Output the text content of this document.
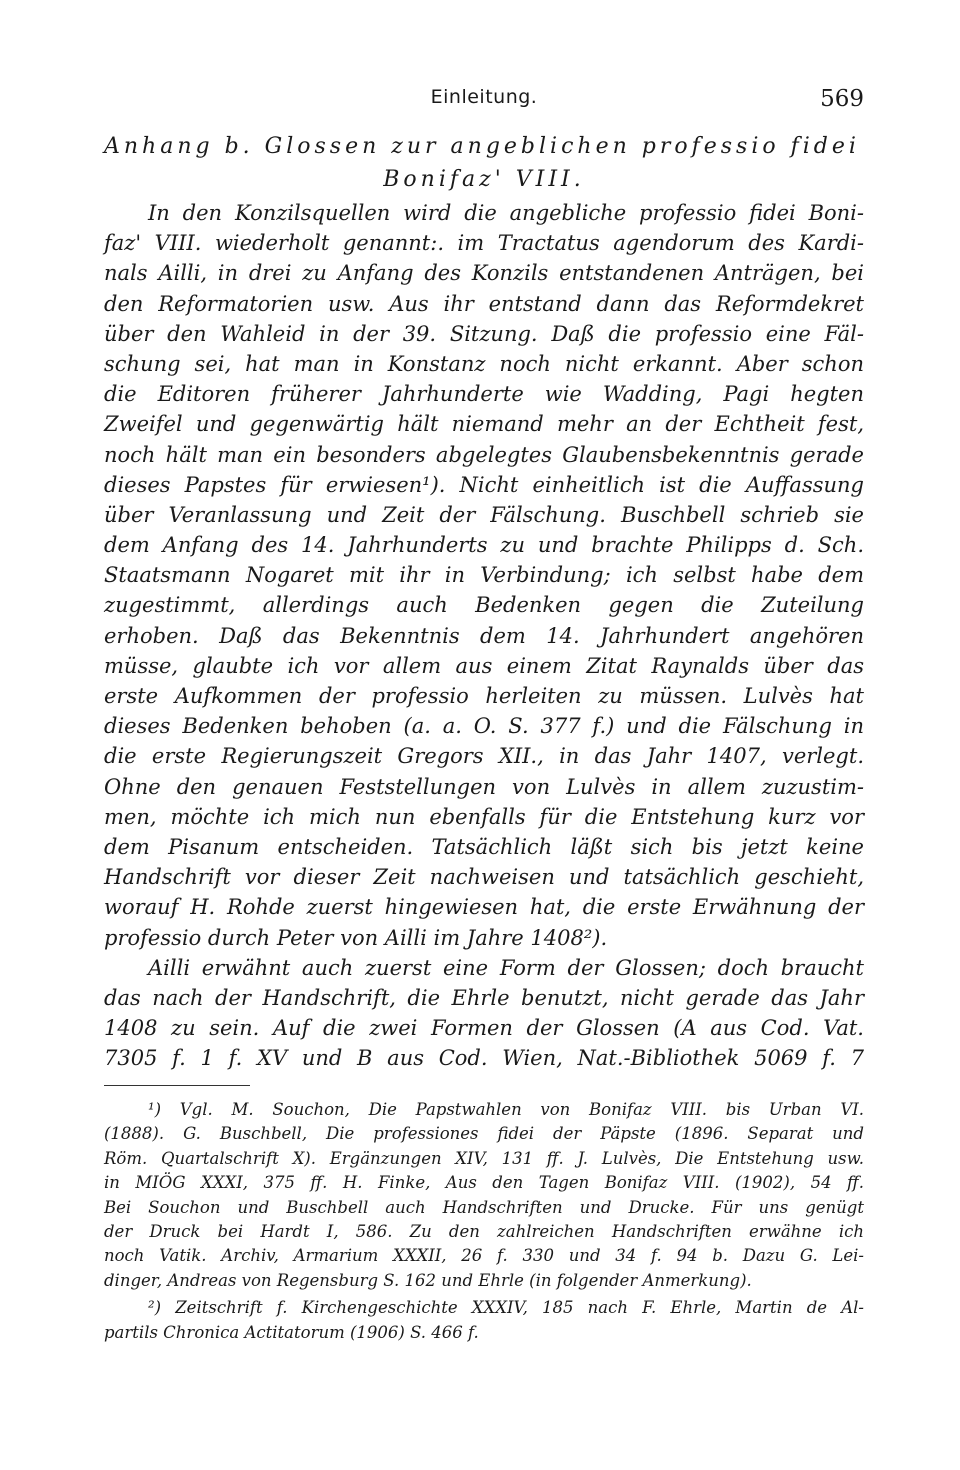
Einleitung.	569
Anhang b. Glossen zur angeblichen professio fidei
Bonifaz' VIII.
In den Konzilsquellen wird die angebliche professio fidei Boni-
faz' VIII. wiederholt genannt:. im Tractatus agendorum des Kardi-
nals Ailli, in drei zu Anfang des Konzils entstandenen Anträgen, bei
den Reformatorien usw. Aus ihr entstand dann das Reformdekret
über den Wahleid in der 39. Sitzung. Daß die professio eine Fäl-
schung sei, hat man in Konstanz noch nicht erkannt. Aber schon
die Editoren früherer Jahrhunderte wie Wadding, Pagi hegten
Zweifel und gegenwärtig hält niemand mehr an der Echtheit fest,
noch hält man ein besonders abgelegtes Glaubensbekenntnis gerade
dieses Papstes für erwiesen¹). Nicht einheitlich ist die Auffassung
über Veranlassung und Zeit der Fälschung. Buschbell schrieb sie
dem Anfang des 14. Jahrhunderts zu und brachte Philipps d. Sch.
Staatsmann Nogaret mit ihr in Verbindung; ich selbst habe dem
zugestimmt, allerdings auch Bedenken gegen die Zuteilung
erhoben. Daß das Bekenntnis dem 14. Jahrhundert angehören
müsse, glaubte ich vor allem aus einem Zitat Raynalds über das
erste Aufkommen der professio herleiten zu müssen. Lulvès hat
dieses Bedenken behoben (a. a. O. S. 377 f.) und die Fälschung in
die erste Regierungszeit Gregors XII., in das Jahr 1407, verlegt.
Ohne den genauen Feststellungen von Lulvès in allem zuzustim-
men, möchte ich mich nun ebenfalls für die Entstehung kurz vor
dem Pisanum entscheiden. Tatsächlich läßt sich bis jetzt keine
Handschrift vor dieser Zeit nachweisen und tatsächlich geschieht,
worauf H. Rohde zuerst hingewiesen hat, die erste Erwähnung der
professio durch Peter von Ailli im Jahre 1408²).
Ailli erwähnt auch zuerst eine Form der Glossen; doch braucht
das nach der Handschrift, die Ehrle benutzt, nicht gerade das Jahr
1408 zu sein. Auf die zwei Formen der Glossen (A aus Cod. Vat.
7305 f. 1 f. XV und B aus Cod. Wien, Nat.-Bibliothek 5069 f. 7
¹) Vgl. M. Souchon, Die Papstwahlen von Bonifaz VIII. bis Urban VI.
(1888). G. Buschbell, Die professiones fidei der Päpste (1896. Separat und
Röm. Quartalschrift X). Ergänzungen XIV, 131 ff. J. Lulvès, Die Entstehung usw.
in MIÖG XXXI, 375 ff. H. Finke, Aus den Tagen Bonifaz VIII. (1902), 54 ff.
Bei Souchon und Buschbell auch Handschriften und Drucke. Für uns genügt
der Druck bei Hardt I, 586. Zu den zahlreichen Handschriften erwähne ich
noch Vatik. Archiv, Armarium XXXII, 26 f. 330 und 34 f. 94 b. Dazu G. Lei-
dinger, Andreas von Regensburg S. 162 und Ehrle (in folgender Anmerkung).
²) Zeitschrift f. Kirchengeschichte XXXIV, 185 nach F. Ehrle, Martin de Al-
partils Chronica Actitatorum (1906) S. 466 f.
